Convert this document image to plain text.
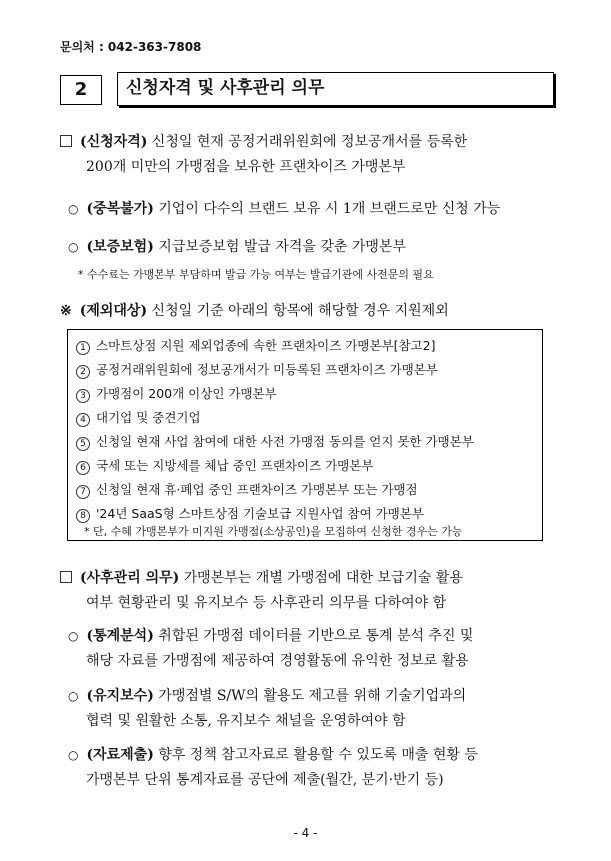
문의처 : 042-363-7808
2	신청자격 및 사후관리 의무
(신청자격) 신청일 현재 공정거래위원회에 정보공개서를 등록한
200개 미만의 가맹점을 보유한 프랜차이즈 가맹본부
○ (중복불가) 기업이 다수의 브랜드 보유 시 1개 브랜드로만 신청 가능
○ (보증보험) 지급보증보험 발급 자격을 갖춘 가맹본부
* 수수료는 가맹본부 부담하며 발급 가능 여부는 발급기관에 사전문의 필요
※ (제외대상) 신청일 기준 아래의 항목에 해당할 경우 지원제외
1 스마트상점 지원 제외업종에 속한 프랜차이즈 가맹본부[참고2]
2 공정거래위원회에 정보공개서가 미등록된 프랜차이즈 가맹본부
3 가맹점이 200개 이상인 가맹본부
4 대기업 및 중견기업
5 신청일 현재 사업 참여에 대한 사전 가맹점 동의를 얻지 못한 가맹본부
6 국세 또는 지방세를 체납 중인 프랜차이즈 가맹본부
7 신청일 현재 휴·폐업 중인 프랜차이즈 가맹본부 또는 가맹점
8 '24년 SaaS형 스마트상점 기술보급 지원사업 참여 가맹본부
* 단, 수혜 가맹본부가 미지원 가맹점(소상공인)을 모집하여 신청한 경우는 가능
(사후관리 의무) 가맹본부는 개별 가맹점에 대한 보급기술 활용
여부 현황관리 및 유지보수 등 사후관리 의무를 다하여야 함
○ (통계분석) 취합된 가맹점 데이터를 기반으로 통계 분석 추진 및
해당 자료를 가맹점에 제공하여 경영활동에 유익한 정보로 활용
○ (유지보수) 가맹점별 S/W의 활용도 제고를 위해 기술기업과의
협력 및 원활한 소통, 유지보수 채널을 운영하여야 함
○ (자료제출) 향후 정책 참고자료로 활용할 수 있도록 매출 현황 등
가맹본부 단위 통계자료를 공단에 제출(월간, 분기·반기 등)
- 4 -
